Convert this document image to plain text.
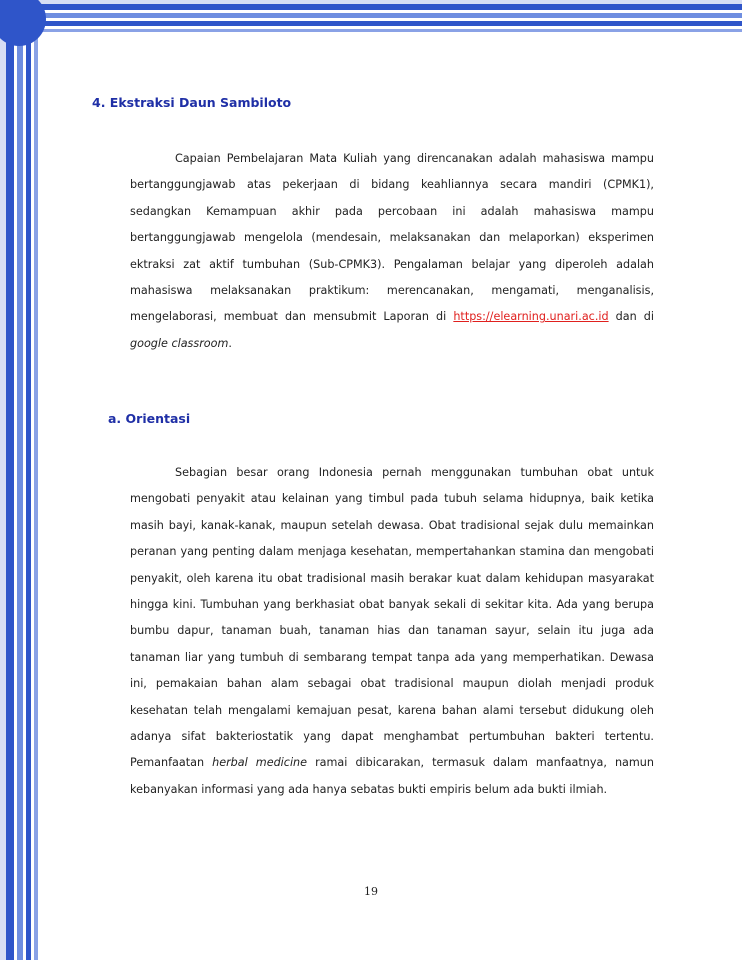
4. Ekstraksi Daun Sambiloto

Capaian Pembelajaran Mata Kuliah yang direncanakan adalah mahasiswa mampu bertanggungjawab atas pekerjaan di bidang keahliannya secara mandiri (CPMK1), sedangkan Kemampuan akhir pada percobaan ini adalah mahasiswa mampu bertanggungjawab mengelola (mendesain, melaksanakan dan melaporkan) eksperimen ektraksi zat aktif tumbuhan (Sub-CPMK3). Pengalaman belajar yang diperoleh adalah mahasiswa melaksanakan praktikum: merencanakan, mengamati, menganalisis, mengelaborasi, membuat dan mensubmit Laporan di https://elearning.unari.ac.id dan di google classroom.

a. Orientasi

Sebagian besar orang Indonesia pernah menggunakan tumbuhan obat untuk mengobati penyakit atau kelainan yang timbul pada tubuh selama hidupnya, baik ketika masih bayi, kanak-kanak, maupun setelah dewasa. Obat tradisional sejak dulu memainkan peranan yang penting dalam menjaga kesehatan, mempertahankan stamina dan mengobati penyakit, oleh karena itu obat tradisional masih berakar kuat dalam kehidupan masyarakat hingga kini. Tumbuhan yang berkhasiat obat banyak sekali di sekitar kita. Ada yang berupa bumbu dapur, tanaman buah, tanaman hias dan tanaman sayur, selain itu juga ada tanaman liar yang tumbuh di sembarang tempat tanpa ada yang memperhatikan. Dewasa ini, pemakaian bahan alam sebagai obat tradisional maupun diolah menjadi produk kesehatan telah mengalami kemajuan pesat, karena bahan alami tersebut didukung oleh adanya sifat bakteriostatik yang dapat menghambat pertumbuhan bakteri tertentu. Pemanfaatan herbal medicine ramai dibicarakan, termasuk dalam manfaatnya, namun kebanyakan informasi yang ada hanya sebatas bukti empiris belum ada bukti ilmiah.

19
